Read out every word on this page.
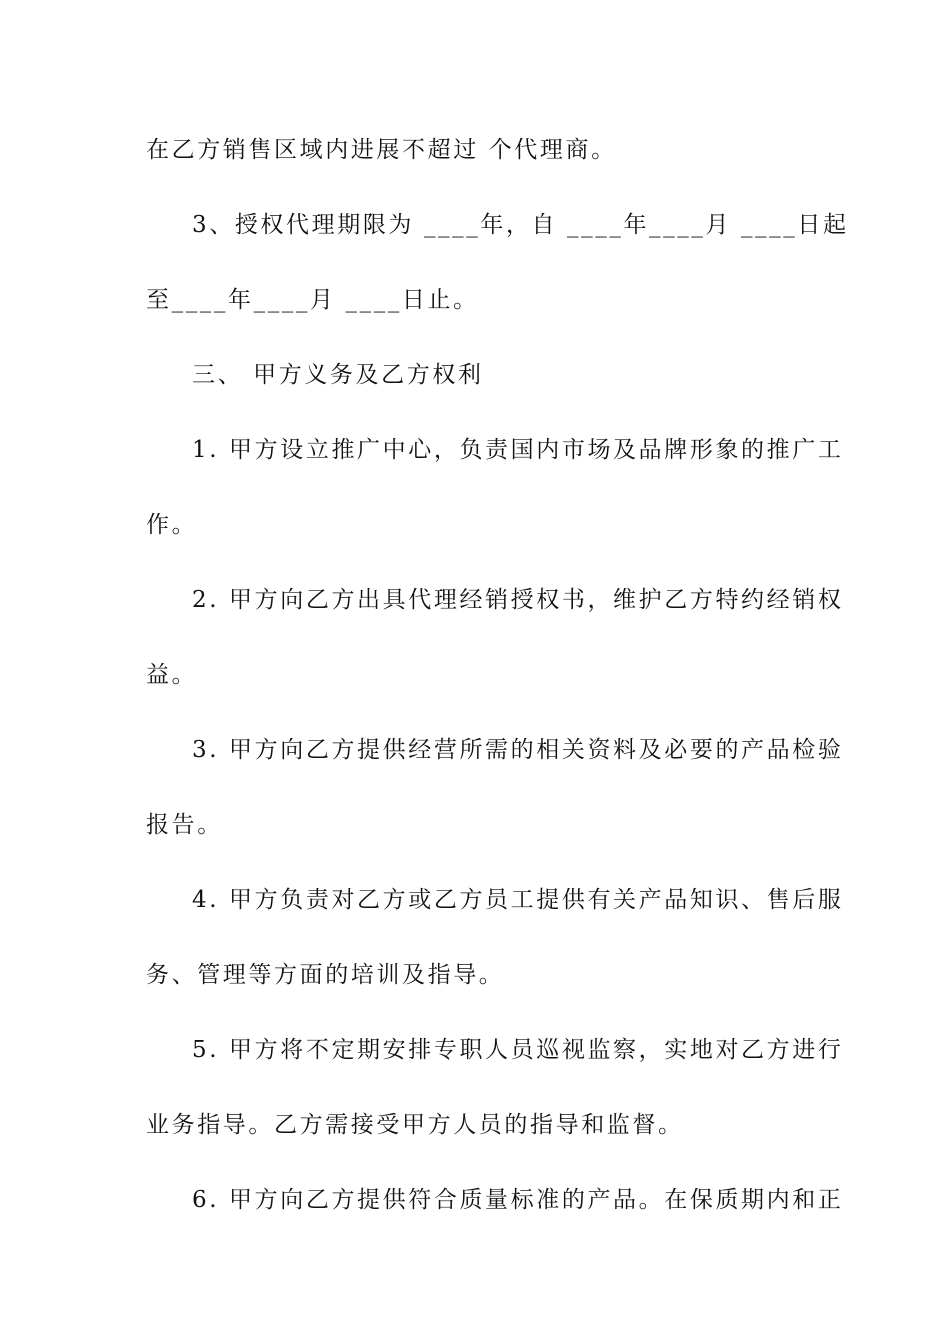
在乙方销售区域内进展不超过 个代理商。
3、授权代理期限为 ____年，自 ____年____月 ____日起
至____年____月 ____日止。
三、 甲方义务及乙方权利
1. 甲方设立推广中心，负责国内市场及品牌形象的推广工
作。
2. 甲方向乙方出具代理经销授权书，维护乙方特约经销权
益。
3. 甲方向乙方提供经营所需的相关资料及必要的产品检验
报告。
4. 甲方负责对乙方或乙方员工提供有关产品知识、售后服
务、管理等方面的培训及指导。
5. 甲方将不定期安排专职人员巡视监察，实地对乙方进行
业务指导。乙方需接受甲方人员的指导和监督。
6. 甲方向乙方提供符合质量标准的产品。在保质期内和正
